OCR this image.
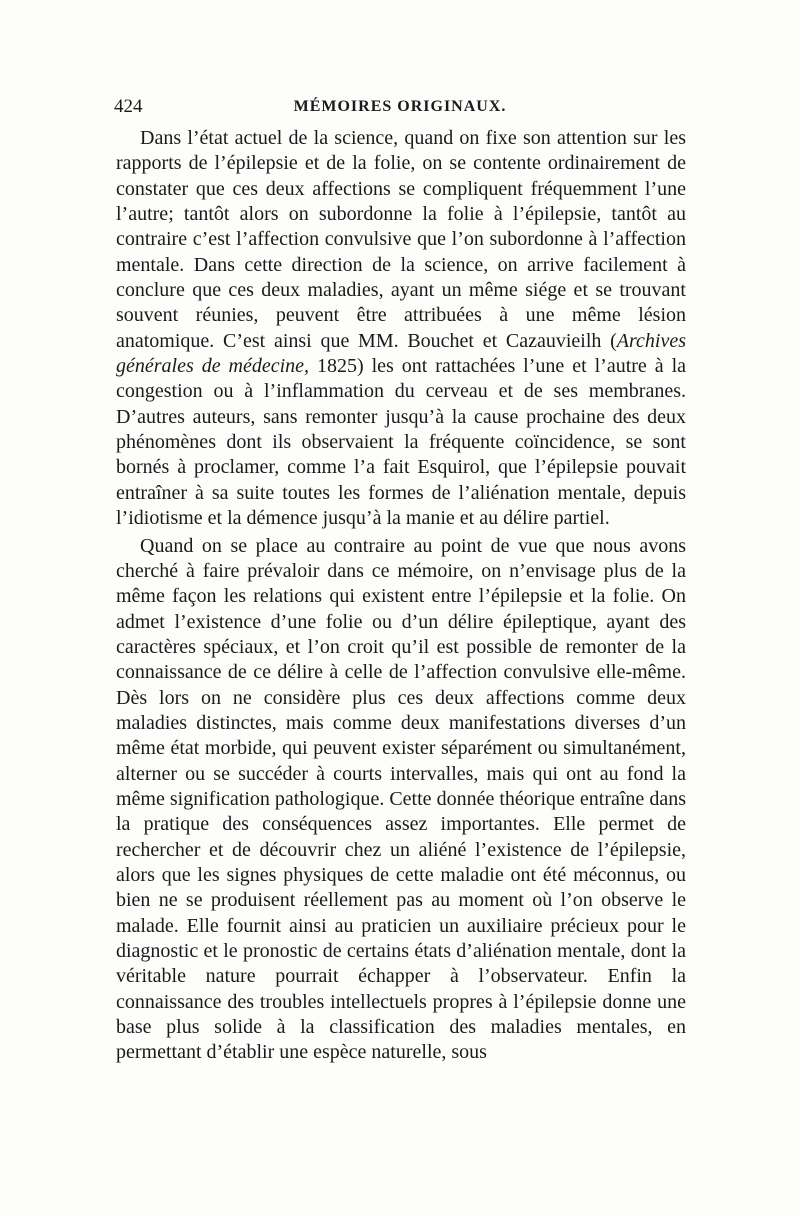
424	MÉMOIRES ORIGINAUX.

Dans l’état actuel de la science, quand on fixe son attention sur les rapports de l’épilepsie et de la folie, on se contente ordinairement de constater que ces deux affections se compliquent fréquemment l’une l’autre; tantôt alors on subordonne la folie à l’épilepsie, tantôt au contraire c’est l’affection convulsive que l’on subordonne à l’affection mentale. Dans cette direction de la science, on arrive facilement à conclure que ces deux maladies, ayant un même siége et se trouvant souvent réunies, peuvent être attribuées à une même lésion anatomique. C’est ainsi que MM. Bouchet et Cazauvieilh (Archives générales de médecine, 1825) les ont rattachées l’une et l’autre à la congestion ou à l’inflammation du cerveau et de ses membranes. D’autres auteurs, sans remonter jusqu’à la cause prochaine des deux phénomènes dont ils observaient la fréquente coïncidence, se sont bornés à proclamer, comme l’a fait Esquirol, que l’épilepsie pouvait entraîner à sa suite toutes les formes de l’aliénation mentale, depuis l’idiotisme et la démence jusqu’à la manie et au délire partiel.

Quand on se place au contraire au point de vue que nous avons cherché à faire prévaloir dans ce mémoire, on n’envisage plus de la même façon les relations qui existent entre l’épilepsie et la folie. On admet l’existence d’une folie ou d’un délire épileptique, ayant des caractères spéciaux, et l’on croit qu’il est possible de remonter de la connaissance de ce délire à celle de l’affection convulsive elle-même. Dès lors on ne considère plus ces deux affections comme deux maladies distinctes, mais comme deux manifestations diverses d’un même état morbide, qui peuvent exister séparément ou simultanément, alterner ou se succéder à courts intervalles, mais qui ont au fond la même signification pathologique. Cette donnée théorique entraîne dans la pratique des conséquences assez importantes. Elle permet de rechercher et de découvrir chez un aliéné l’existence de l’épilepsie, alors que les signes physiques de cette maladie ont été méconnus, ou bien ne se produisent réellement pas au moment où l’on observe le malade. Elle fournit ainsi au praticien un auxiliaire précieux pour le diagnostic et le pronostic de certains états d’aliénation mentale, dont la véritable nature pourrait échapper à l’observateur. Enfin la connaissance des troubles intellectuels propres à l’épilepsie donne une base plus solide à la classification des maladies mentales, en permettant d’établir une espèce naturelle, sous
